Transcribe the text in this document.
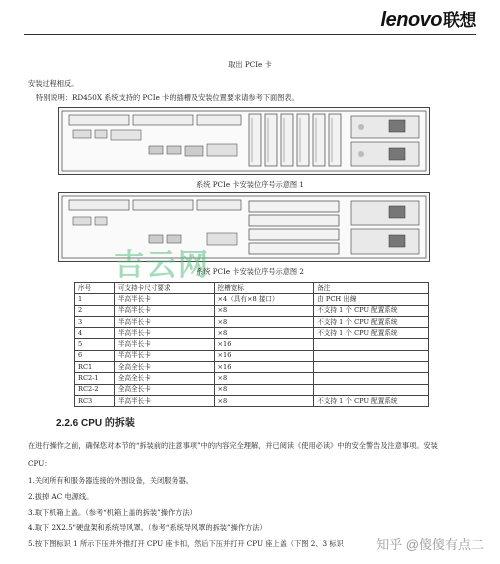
lenovo联想
取出 PCIe 卡
安装过程相反。
特别说明：RD450X 系统支持的 PCIe 卡的插槽及安装位置要求请参考下面图表。
系统 PCIe 卡安装位序号示意图 1
吉云网
系统 PCIe 卡安装位序号示意图 2
序号	可支持卡尺寸要求	挖槽宽标	备注
1	半高半长卡	×4（具有×8 接口）	由 PCH 出線
2	半高半长卡	×8	不支持 1 个 CPU 配置系统
3	半高半长卡	×8	不支持 1 个 CPU 配置系统
4	半高半长卡	×8	不支持 1 个 CPU 配置系统
5	半高半长卡	×16	
6	半高半长卡	×16	
RC1	全高全长卡	×16	
RC2-1	全高全长卡	×8	
RC2-2	全高全长卡	×8	
RC3	半高半长卡	×8	不支持 1 个 CPU 配置系统
2.2.6 CPU 的拆装
在进行操作之前，确保您对本节的“拆装前的注意事项”中的内容完全理解，并已阅读《使用必读》中的安全警告及注意事项。安装
CPU：
1.关闭所有和服务器连接的外围设备，关闭服务器。
2.拔掉 AC 电源线。
3.取下机箱上盖。（参考“机箱上盖的拆装”操作方法）
4.取下 2X2.5"硬盘架和系统导风罩。（参考“系统导风罩的拆装”操作方法）
5.按下图标识 1 所示下压并外推打开 CPU 座卡扣，然后下压并打开 CPU 座上盖（下图 2、3 标识 知乎 @傻傻有点二
